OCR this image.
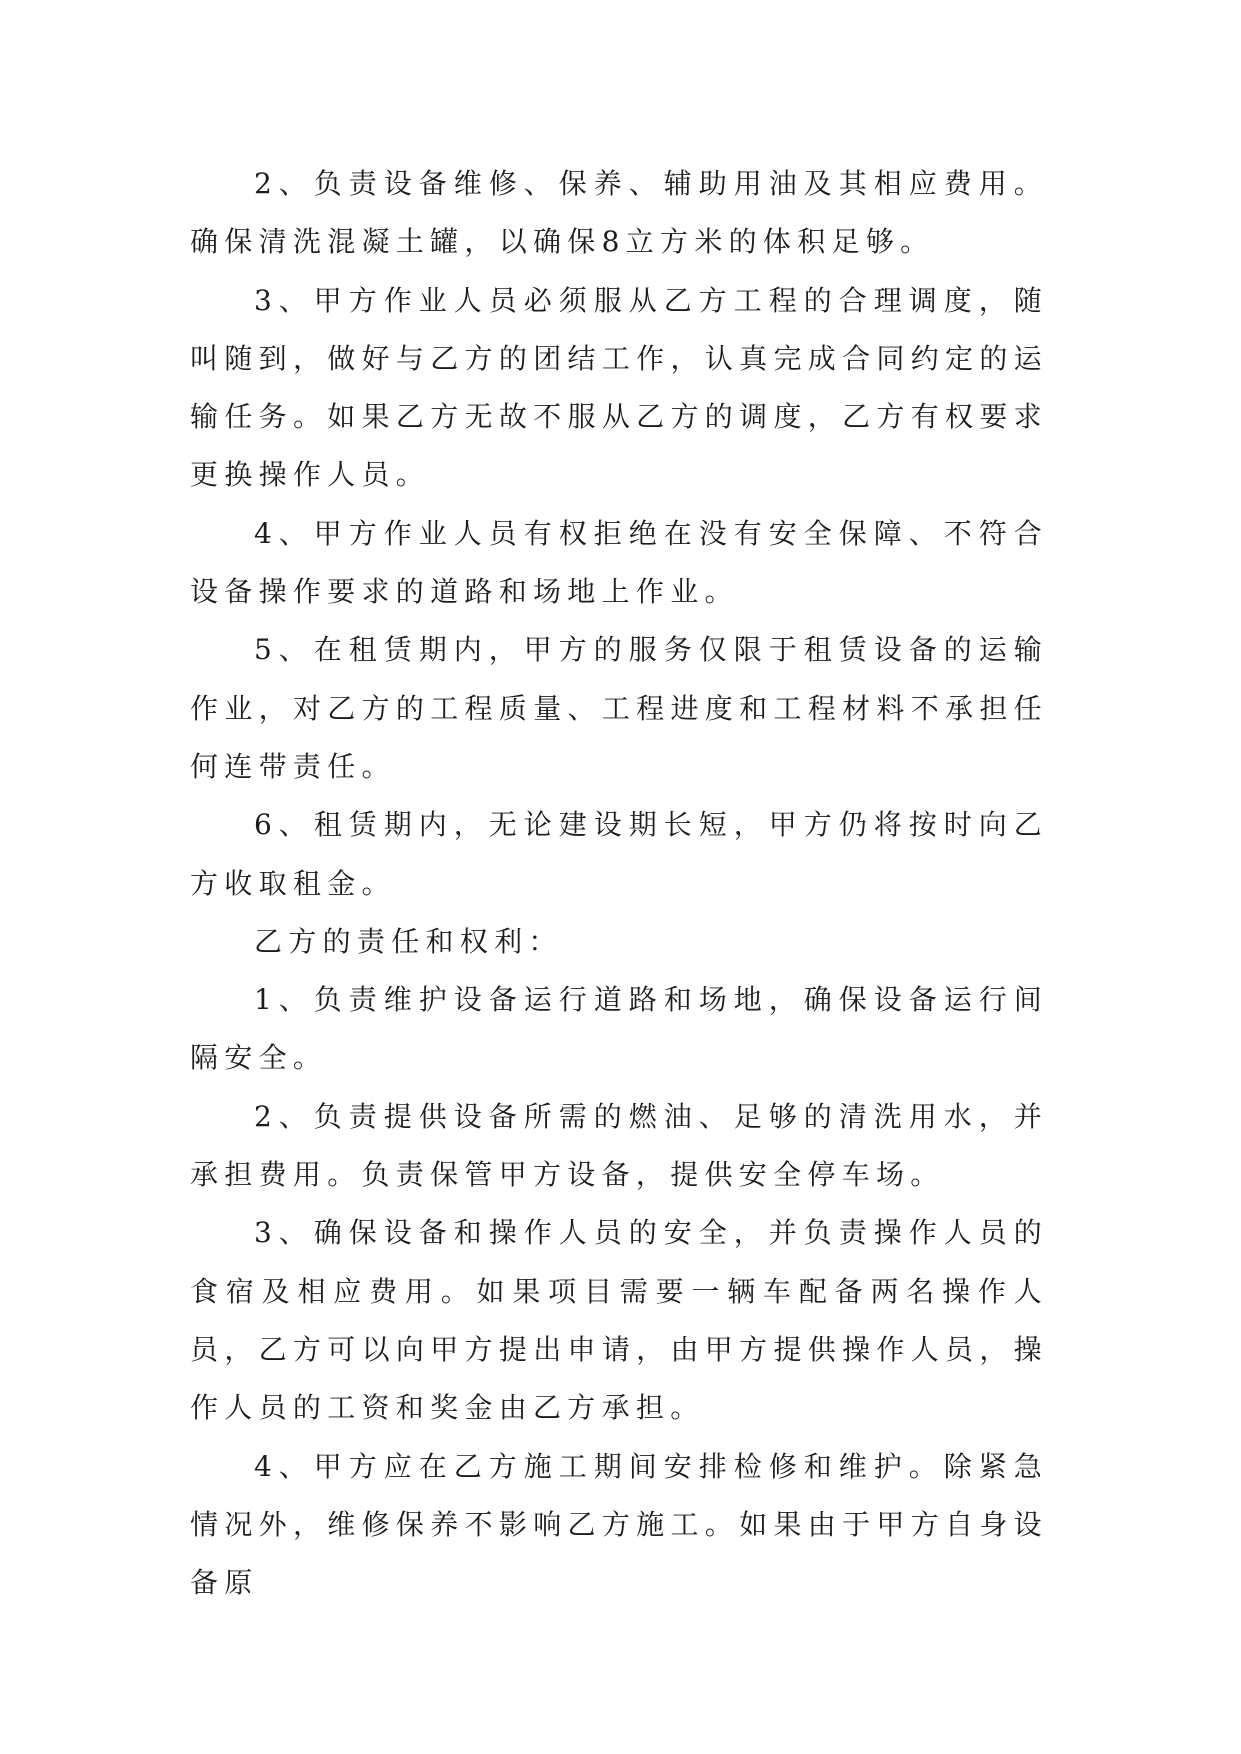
2、负责设备维修、保养、辅助用油及其相应费用。确保清洗混凝土罐，以确保8立方米的体积足够。

3、甲方作业人员必须服从乙方工程的合理调度，随叫随到，做好与乙方的团结工作，认真完成合同约定的运输任务。如果乙方无故不服从乙方的调度，乙方有权要求更换操作人员。

4、甲方作业人员有权拒绝在没有安全保障、不符合设备操作要求的道路和场地上作业。

5、在租赁期内，甲方的服务仅限于租赁设备的运输作业，对乙方的工程质量、工程进度和工程材料不承担任何连带责任。

6、租赁期内，无论建设期长短，甲方仍将按时向乙方收取租金。

乙方的责任和权利：

1、负责维护设备运行道路和场地，确保设备运行间隔安全。

2、负责提供设备所需的燃油、足够的清洗用水，并承担费用。负责保管甲方设备，提供安全停车场。

3、确保设备和操作人员的安全，并负责操作人员的食宿及相应费用。如果项目需要一辆车配备两名操作人员，乙方可以向甲方提出申请，由甲方提供操作人员，操作人员的工资和奖金由乙方承担。

4、甲方应在乙方施工期间安排检修和维护。除紧急情况外，维修保养不影响乙方施工。如果由于甲方自身设备原
